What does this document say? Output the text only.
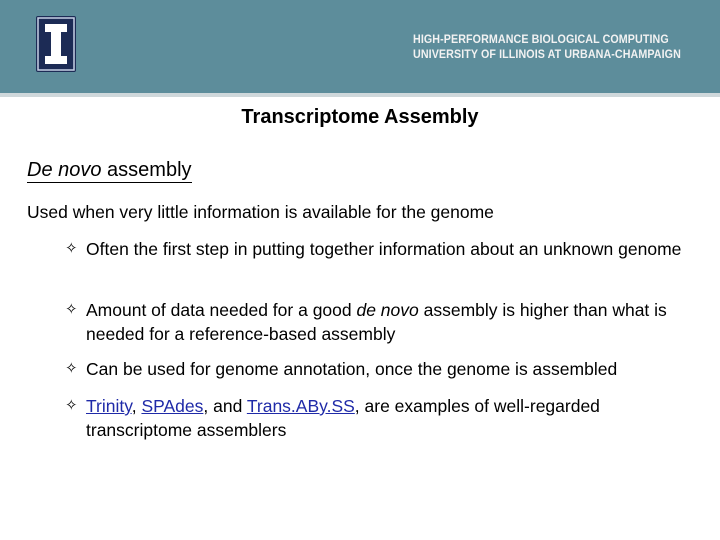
HIGH-PERFORMANCE BIOLOGICAL COMPUTING
UNIVERSITY OF ILLINOIS AT URBANA-CHAMPAIGN
Transcriptome Assembly
De novo assembly
Used when very little information is available for the genome
✧ Often the first step in putting together information about an unknown genome
✧ Amount of data needed for a good de novo assembly is higher than what is needed for a reference-based assembly
✧ Can be used for genome annotation, once the genome is assembled
✧ Trinity, SPAdes, and Trans.ABy.SS, are examples of well-regarded transcriptome assemblers
